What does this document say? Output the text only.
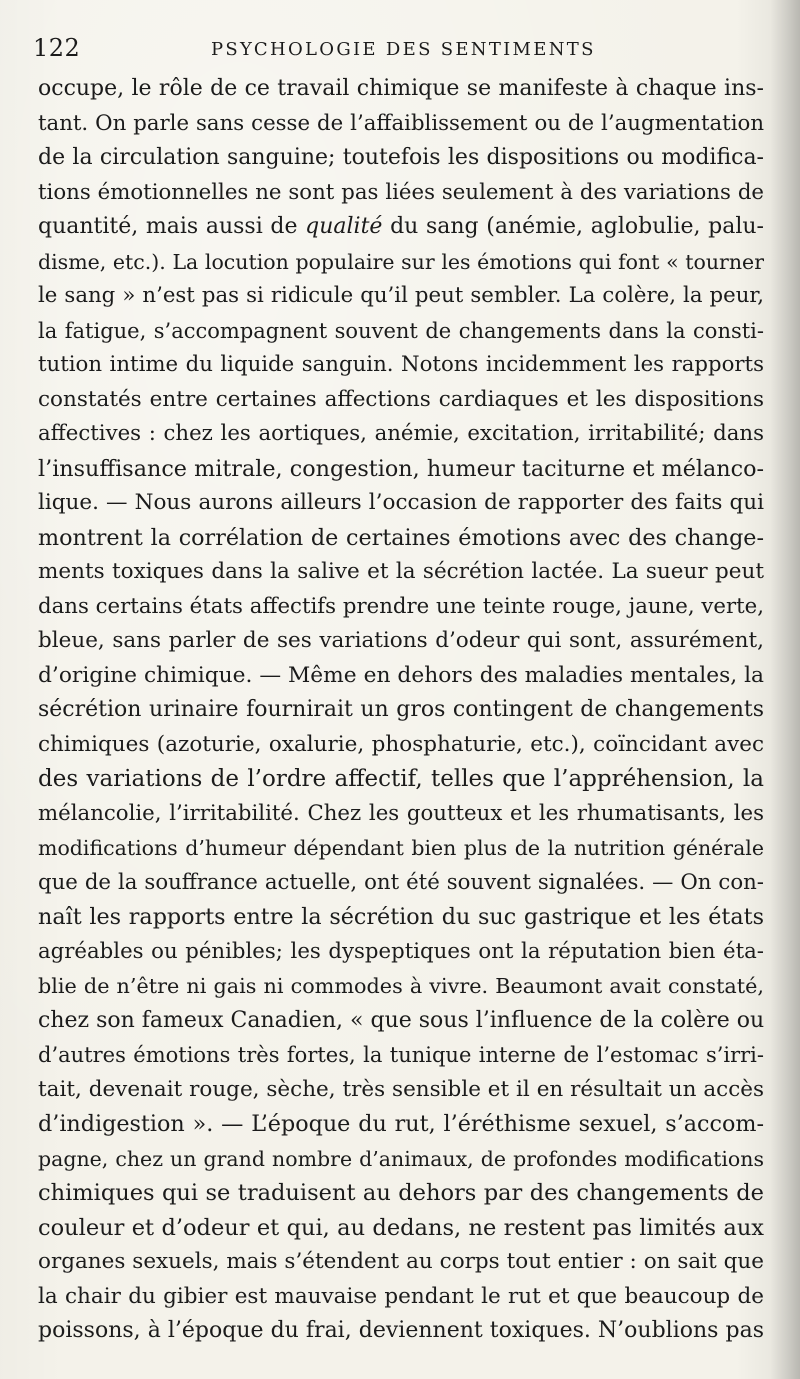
122	PSYCHOLOGIE DES SENTIMENTS
occupe, le rôle de ce travail chimique se manifeste à chaque ins-
tant. On parle sans cesse de l’affaiblissement ou de l’augmentation
de la circulation sanguine; toutefois les dispositions ou modifica-
tions émotionnelles ne sont pas liées seulement à des variations de
quantité, mais aussi de qualité du sang (anémie, aglobulie, palu-
disme, etc.). La locution populaire sur les émotions qui font « tourner
le sang » n’est pas si ridicule qu’il peut sembler. La colère, la peur,
la fatigue, s’accompagnent souvent de changements dans la consti-
tution intime du liquide sanguin. Notons incidemment les rapports
constatés entre certaines affections cardiaques et les dispositions
affectives : chez les aortiques, anémie, excitation, irritabilité; dans
l’insuffisance mitrale, congestion, humeur taciturne et mélanco-
lique. — Nous aurons ailleurs l’occasion de rapporter des faits qui
montrent la corrélation de certaines émotions avec des change-
ments toxiques dans la salive et la sécrétion lactée. La sueur peut
dans certains états affectifs prendre une teinte rouge, jaune, verte,
bleue, sans parler de ses variations d’odeur qui sont, assurément,
d’origine chimique. — Même en dehors des maladies mentales, la
sécrétion urinaire fournirait un gros contingent de changements
chimiques (azoturie, oxalurie, phosphaturie, etc.), coïncidant avec
des variations de l’ordre affectif, telles que l’appréhension, la
mélancolie, l’irritabilité. Chez les goutteux et les rhumatisants, les
modifications d’humeur dépendant bien plus de la nutrition générale
que de la souffrance actuelle, ont été souvent signalées. — On con-
naît les rapports entre la sécrétion du suc gastrique et les états
agréables ou pénibles; les dyspeptiques ont la réputation bien éta-
blie de n’être ni gais ni commodes à vivre. Beaumont avait constaté,
chez son fameux Canadien, « que sous l’influence de la colère ou
d’autres émotions très fortes, la tunique interne de l’estomac s’irri-
tait, devenait rouge, sèche, très sensible et il en résultait un accès
d’indigestion ». — L’époque du rut, l’éréthisme sexuel, s’accom-
pagne, chez un grand nombre d’animaux, de profondes modifications
chimiques qui se traduisent au dehors par des changements de
couleur et d’odeur et qui, au dedans, ne restent pas limités aux
organes sexuels, mais s’étendent au corps tout entier : on sait que
la chair du gibier est mauvaise pendant le rut et que beaucoup de
poissons, à l’époque du frai, deviennent toxiques. N’oublions pas
